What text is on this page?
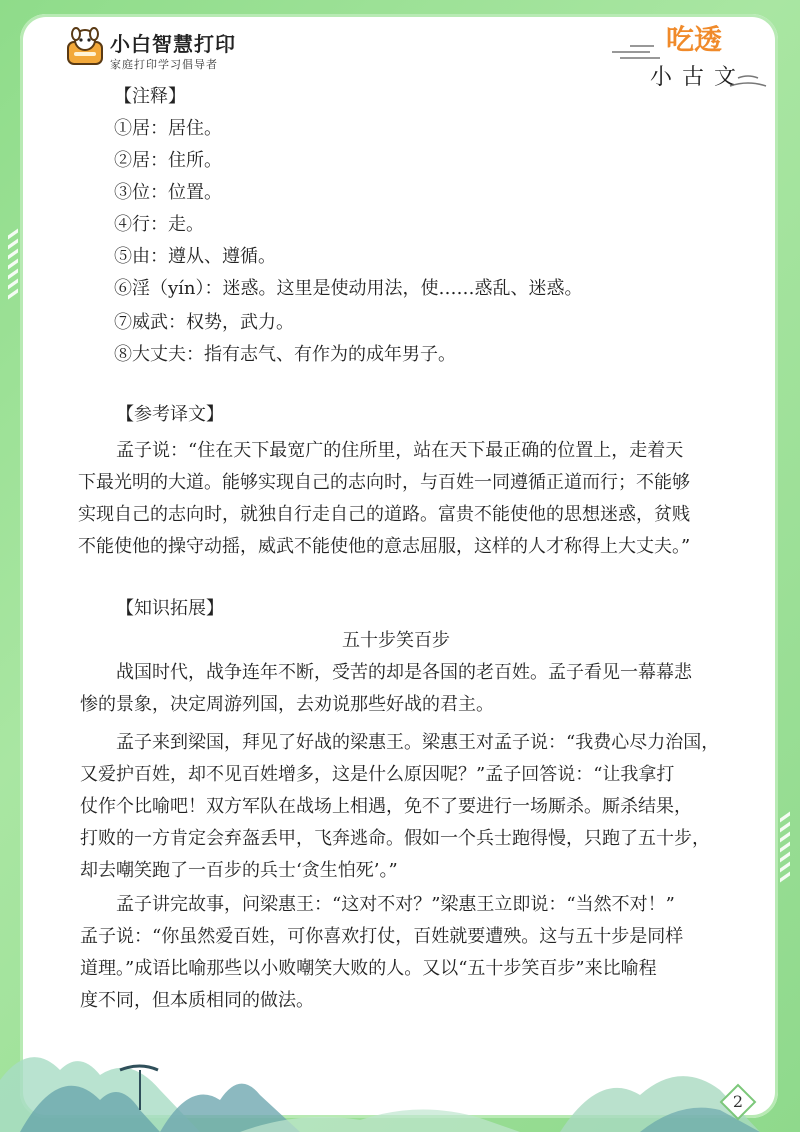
小白智慧打印
家庭打印学习倡导者
吃透
小古文
【注释】
①居：居住。
②居：住所。
③位：位置。
④行：走。
⑤由：遵从、遵循。
⑥淫（yín）：迷惑。这里是使动用法，使……惑乱、迷惑。
⑦威武：权势，武力。
⑧大丈夫：指有志气、有作为的成年男子。
【参考译文】
孟子说：“住在天下最宽广的住所里，站在天下最正确的位置上，走着天
下最光明的大道。能够实现自己的志向时，与百姓一同遵循正道而行；不能够
实现自己的志向时，就独自行走自己的道路。富贵不能使他的思想迷惑，贫贱
不能使他的操守动摇，威武不能使他的意志屈服，这样的人才称得上大丈夫。”
【知识拓展】
五十步笑百步
战国时代，战争连年不断，受苦的却是各国的老百姓。孟子看见一幕幕悲
惨的景象，决定周游列国，去劝说那些好战的君主。
孟子来到梁国，拜见了好战的梁惠王。梁惠王对孟子说：“我费心尽力治国，
又爱护百姓，却不见百姓增多，这是什么原因呢？”孟子回答说：“让我拿打
仗作个比喻吧！双方军队在战场上相遇，免不了要进行一场厮杀。厮杀结果，
打败的一方肯定会弃盔丢甲，飞奔逃命。假如一个兵士跑得慢，只跑了五十步，
却去嘲笑跑了一百步的兵士‘贪生怕死’。”
孟子讲完故事，问梁惠王：“这对不对？”梁惠王立即说：“当然不对！”
孟子说：“你虽然爱百姓，可你喜欢打仗，百姓就要遭殃。这与五十步是同样
道理。”成语比喻那些以小败嘲笑大败的人。又以“五十步笑百步”来比喻程
度不同，但本质相同的做法。
2
